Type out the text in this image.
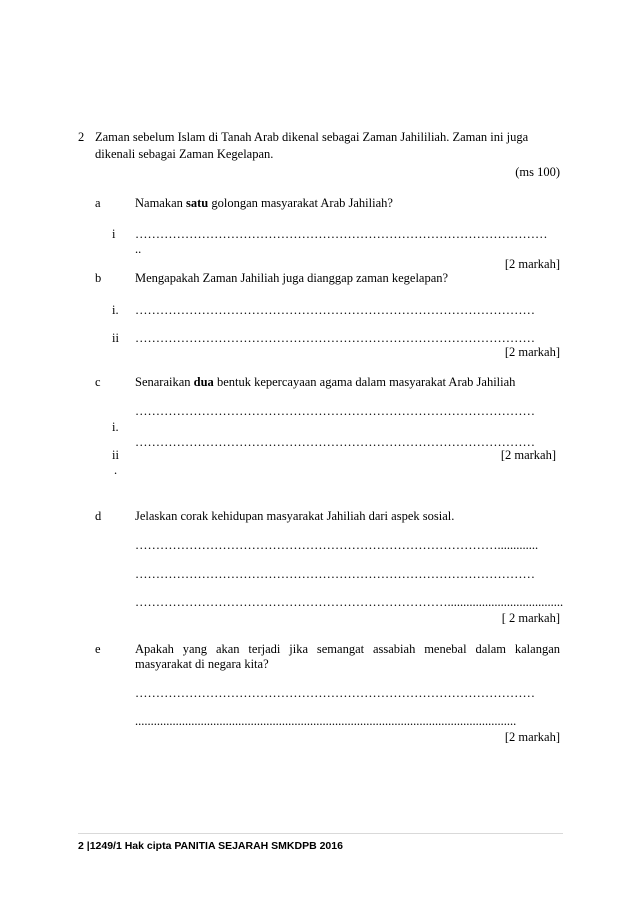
2 Zaman sebelum Islam di Tanah Arab dikenal sebagai Zaman Jahililiah. Zaman ini juga
dikenali sebagai Zaman Kegelapan.
(ms 100)
a	Namakan satu golongan masyarakat Arab Jahiliah?
i ………………………………………………………………………………………
..
[2 markah]
b	Mengapakah Zaman Jahiliah juga dianggap zaman kegelapan?
i. ……………………………………………………………………………………
ii ……………………………………………………………………………………
[2 markah]
c	Senaraikan dua bentuk kepercayaan agama dalam masyarakat Arab Jahiliah
……………………………………………………………………………………
i.
……………………………………………………………………………………
ii	[2 markah]
.
d	Jelaskan corak kehidupan masyarakat Jahiliah dari aspek sosial.
…………………………………………………………………………….............
……………………………………………………………………………………
………………………………………………………………….....................................
[ 2 markah]
e	Apakah yang akan terjadi jika semangat assabiah menebal dalam kalangan
masyarakat di negara kita?
……………………………………………………………………………………
..........................................................................................................................
[2 markah]
2 |1249/1 Hak cipta PANITIA SEJARAH SMKDPB 2016
